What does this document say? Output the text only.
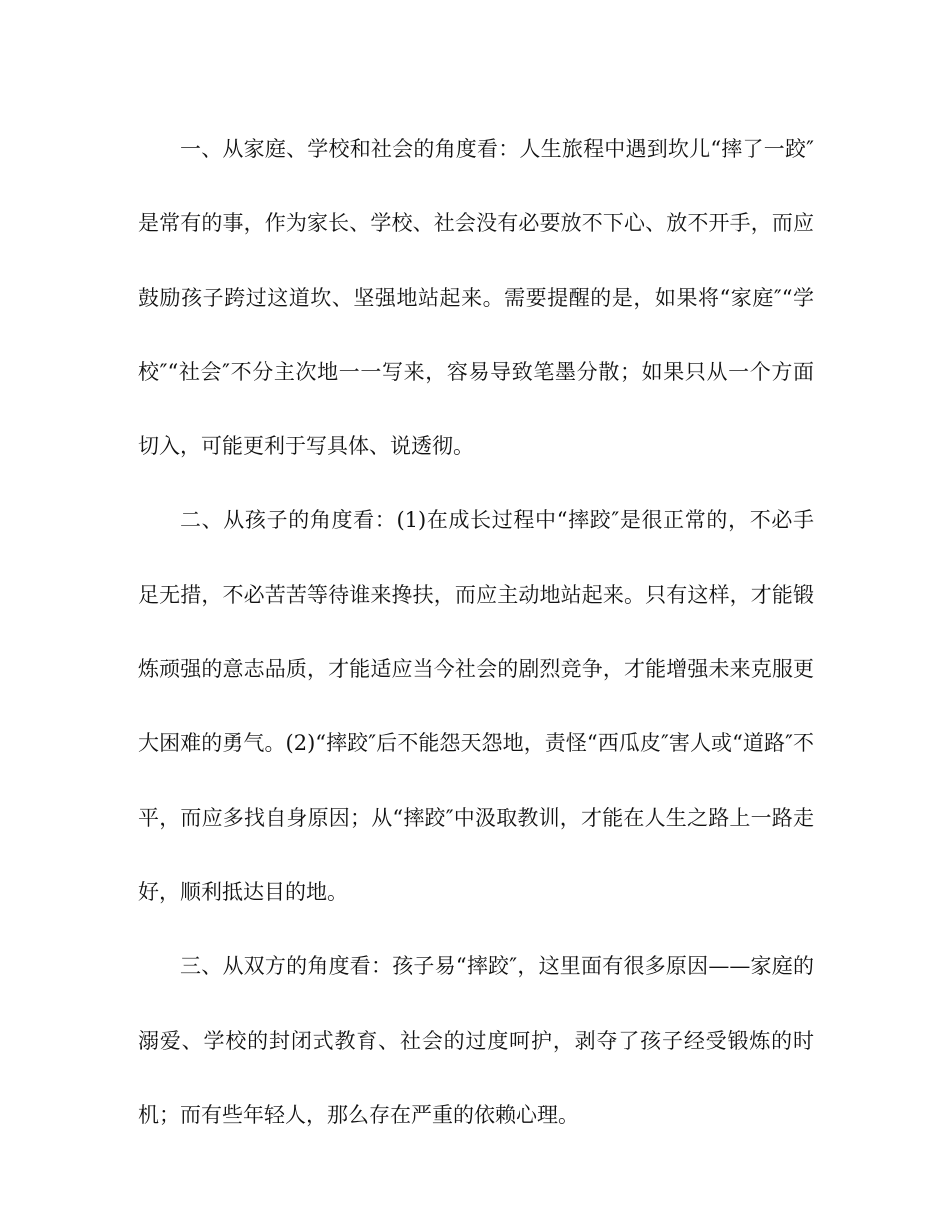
一、从家庭、学校和社会的角度看：人生旅程中遇到坎儿“摔了一跤″是常有的事，作为家长、学校、社会没有必要放不下心、放不开手，而应鼓励孩子跨过这道坎、坚强地站起来。需要提醒的是，如果将“家庭″“学校″“社会″不分主次地一一写来，容易导致笔墨分散；如果只从一个方面切入，可能更利于写具体、说透彻。

二、从孩子的角度看：(1)在成长过程中“摔跤″是很正常的，不必手足无措，不必苦苦等待谁来搀扶，而应主动地站起来。只有这样，才能锻炼顽强的意志品质，才能适应当今社会的剧烈竞争，才能增强未来克服更大困难的勇气。(2)“摔跤″后不能怨天怨地，责怪“西瓜皮″害人或“道路″不平，而应多找自身原因；从“摔跤″中汲取教训，才能在人生之路上一路走好，顺利抵达目的地。

三、从双方的角度看：孩子易“摔跤″，这里面有很多原因——家庭的溺爱、学校的封闭式教育、社会的过度呵护，剥夺了孩子经受锻炼的时机；而有些年轻人，那么存在严重的依赖心理。
